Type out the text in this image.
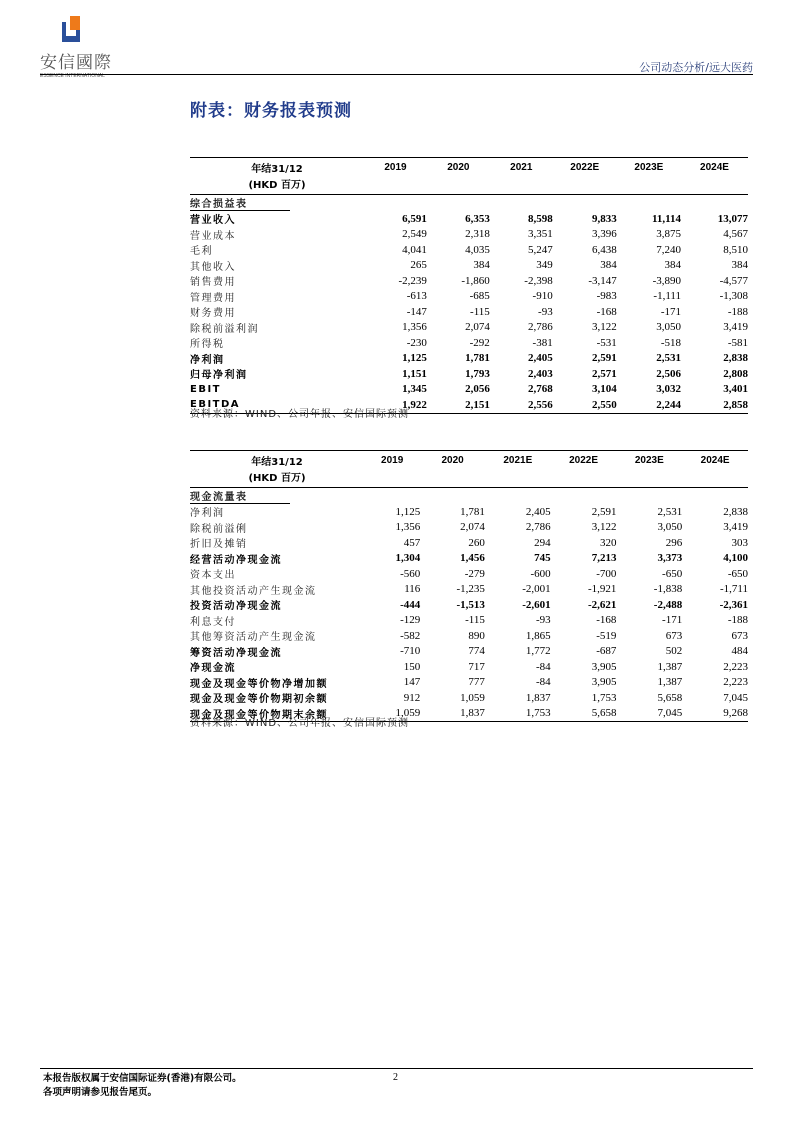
安信國際
ESSENCE INTERNATIONAL
公司动态分析/远大医药
附表：财务报表预测
年结31/12
(HKD 百万)	2019	2020	2021	2022E	2023E	2024E
综合损益表						
营业收入	6,591	6,353	8,598	9,833	11,114	13,077
营业成本	2,549	2,318	3,351	3,396	3,875	4,567
毛利	4,041	4,035	5,247	6,438	7,240	8,510
其他收入	265	384	349	384	384	384
销售费用	-2,239	-1,860	-2,398	-3,147	-3,890	-4,577
管理费用	-613	-685	-910	-983	-1,111	-1,308
财务费用	-147	-115	-93	-168	-171	-188
除税前溢利润	1,356	2,074	2,786	3,122	3,050	3,419
所得税	-230	-292	-381	-531	-518	-581
净利润	1,125	1,781	2,405	2,591	2,531	2,838
归母净利润	1,151	1,793	2,403	2,571	2,506	2,808
EBIT	1,345	2,056	2,768	3,104	3,032	3,401
EBITDA	1,922	2,151	2,556	2,550	2,244	2,858
资料来源：WIND、公司年报、安信国际预测
年结31/12
(HKD 百万)	2019	2020	2021E	2022E	2023E	2024E
现金流量表						
净利润	1,125	1,781	2,405	2,591	2,531	2,838
除税前溢俐	1,356	2,074	2,786	3,122	3,050	3,419
折旧及摊销	457	260	294	320	296	303
经营活动净现金流	1,304	1,456	745	7,213	3,373	4,100
资本支出	-560	-279	-600	-700	-650	-650
其他投资活动产生现金流	116	-1,235	-2,001	-1,921	-1,838	-1,711
投资活动净现金流	-444	-1,513	-2,601	-2,621	-2,488	-2,361
利息支付	-129	-115	-93	-168	-171	-188
其他筹资活动产生现金流	-582	890	1,865	-519	673	673
筹资活动净现金流	-710	774	1,772	-687	502	484
净现金流	150	717	-84	3,905	1,387	2,223
现金及现金等价物净增加额	147	777	-84	3,905	1,387	2,223
现金及现金等价物期初余额	912	1,059	1,837	1,753	5,658	7,045
现金及现金等价物期末余额	1,059	1,837	1,753	5,658	7,045	9,268
资料来源：WIND、公司年报、安信国际预测
本报告版权属于安信国际证券(香港)有限公司。
各项声明请参见报告尾页。
2
